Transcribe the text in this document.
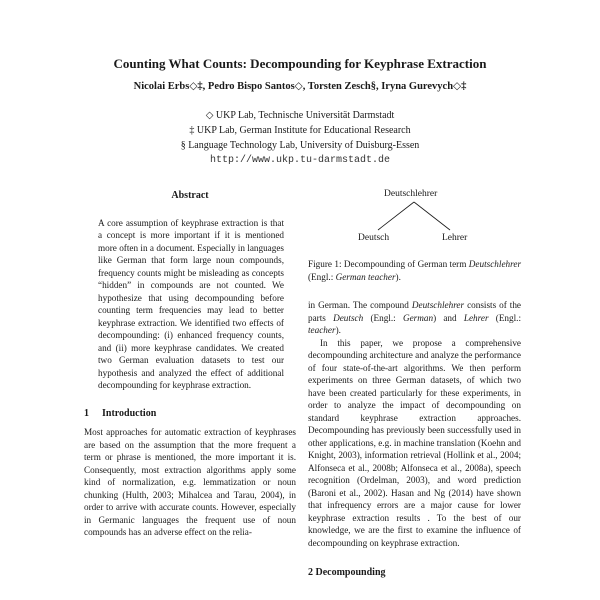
Counting What Counts: Decompounding for Keyphrase Extraction
Nicolai Erbs◇‡, Pedro Bispo Santos◇, Torsten Zesch§, Iryna Gurevych◇‡
◇ UKP Lab, Technische Universität Darmstadt
‡ UKP Lab, German Institute for Educational Research
§ Language Technology Lab, University of Duisburg-Essen
http://www.ukp.tu-darmstadt.de
Abstract
A core assumption of keyphrase extraction is that a concept is more important if it is mentioned more often in a document. Especially in languages like German that form large noun compounds, frequency counts might be misleading as concepts “hidden” in compounds are not counted. We hypothesize that using decompounding before counting term frequencies may lead to better keyphrase extraction. We identified two effects of decompounding: (i) enhanced frequency counts, and (ii) more keyphrase candidates. We created two German evaluation datasets to test our hypothesis and analyzed the effect of additional decompounding for keyphrase extraction.
1 Introduction
Most approaches for automatic extraction of keyphrases are based on the assumption that the more frequent a term or phrase is mentioned, the more important it is. Consequently, most extraction algorithms apply some kind of normalization, e.g. lemmatization or noun chunking (Hulth, 2003; Mihalcea and Tarau, 2004), in order to arrive with accurate counts. However, especially in Germanic languages the frequent use of noun compounds has an adverse effect on the relia-
Deutschlehrer
Deutsch	Lehrer
Figure 1: Decompounding of German term Deutschlehrer (Engl.: German teacher).
in German. The compound Deutschlehrer consists of the parts Deutsch (Engl.: German) and Lehrer (Engl.: teacher).
In this paper, we propose a comprehensive decompounding architecture and analyze the performance of four state-of-the-art algorithms. We then perform experiments on three German datasets, of which two have been created particularly for these experiments, in order to analyze the impact of decompounding on standard keyphrase extraction approaches. Decompounding has previously been successfully used in other applications, e.g. in machine translation (Koehn and Knight, 2003), information retrieval (Hollink et al., 2004; Alfonseca et al., 2008b; Alfonseca et al., 2008a), speech recognition (Ordelman, 2003), and word prediction (Baroni et al., 2002). Hasan and Ng (2014) have shown that infrequency errors are a major cause for lower keyphrase extraction results . To the best of our knowledge, we are the first to examine the influence of decompounding on keyphrase extraction.
2 Decompounding
